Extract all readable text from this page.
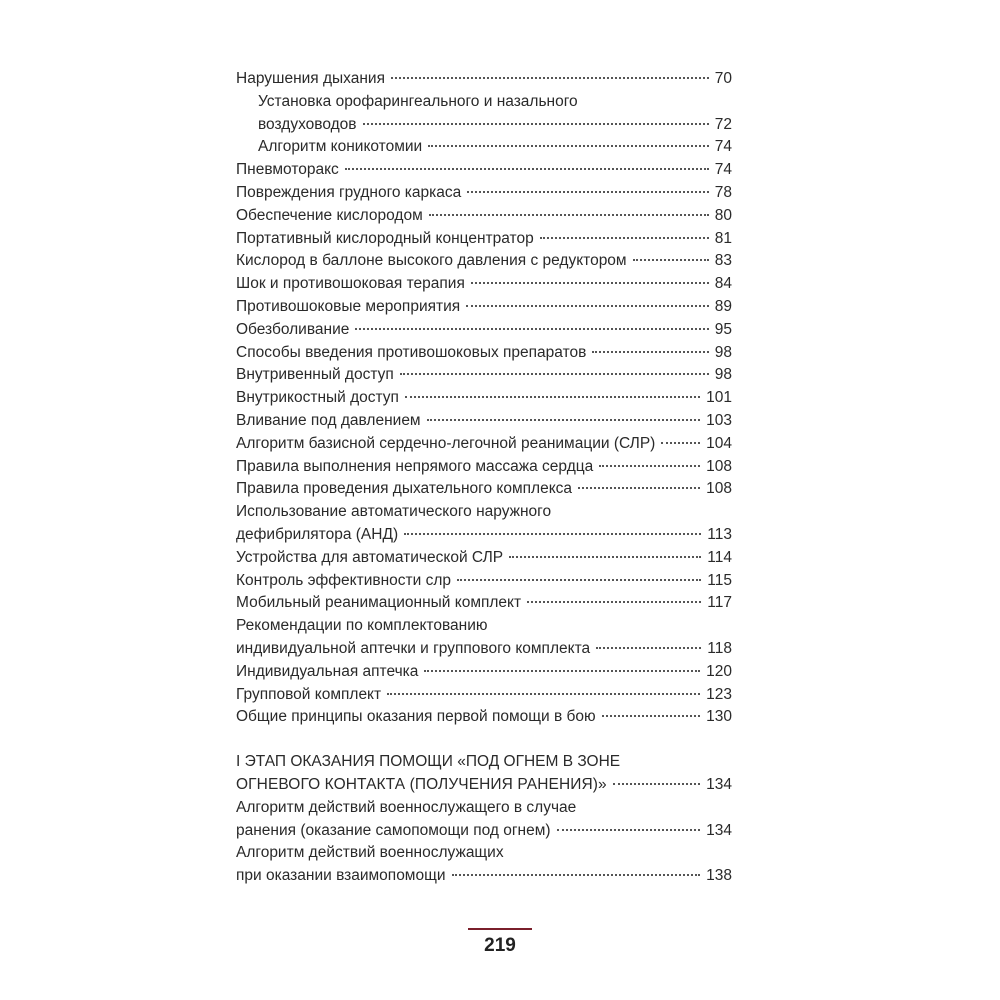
Нарушения дыхания	70
Установка орофарингеального и назального
воздуховодов	72
Алгоритм коникотомии	74
Пневмоторакс	74
Повреждения грудного каркаса	78
Обеспечение кислородом	80
Портативный кислородный концентратор	81
Кислород в баллоне высокого давления с редуктором	83
Шок и противошоковая терапия	84
Противошоковые мероприятия	89
Обезболивание	95
Способы введения противошоковых препаратов	98
Внутривенный доступ	98
Внутрикостный доступ	101
Вливание под давлением	103
Алгоритм базисной сердечно-легочной реанимации (СЛР)	104
Правила выполнения непрямого массажа сердца	108
Правила проведения дыхательного комплекса	108
Использование автоматического наружного
дефибрилятора (АНД)	113
Устройства для автоматической СЛР	114
Контроль эффективности слр	115
Мобильный реанимационный комплект	117
Рекомендации по комплектованию
индивидуальной аптечки и группового комплекта	118
Индивидуальная аптечка	120
Групповой комплект	123
Общие принципы оказания первой помощи в бою	130
I ЭТАП ОКАЗАНИЯ ПОМОЩИ «ПОД ОГНЕМ В ЗОНЕ
ОГНЕВОГО КОНТАКТА (ПОЛУЧЕНИЯ РАНЕНИЯ)»	134
Алгоритм действий военнослужащего в случае
ранения (оказание самопомощи под огнем)	134
Алгоритм действий военнослужащих
при оказании взаимопомощи	138
219
